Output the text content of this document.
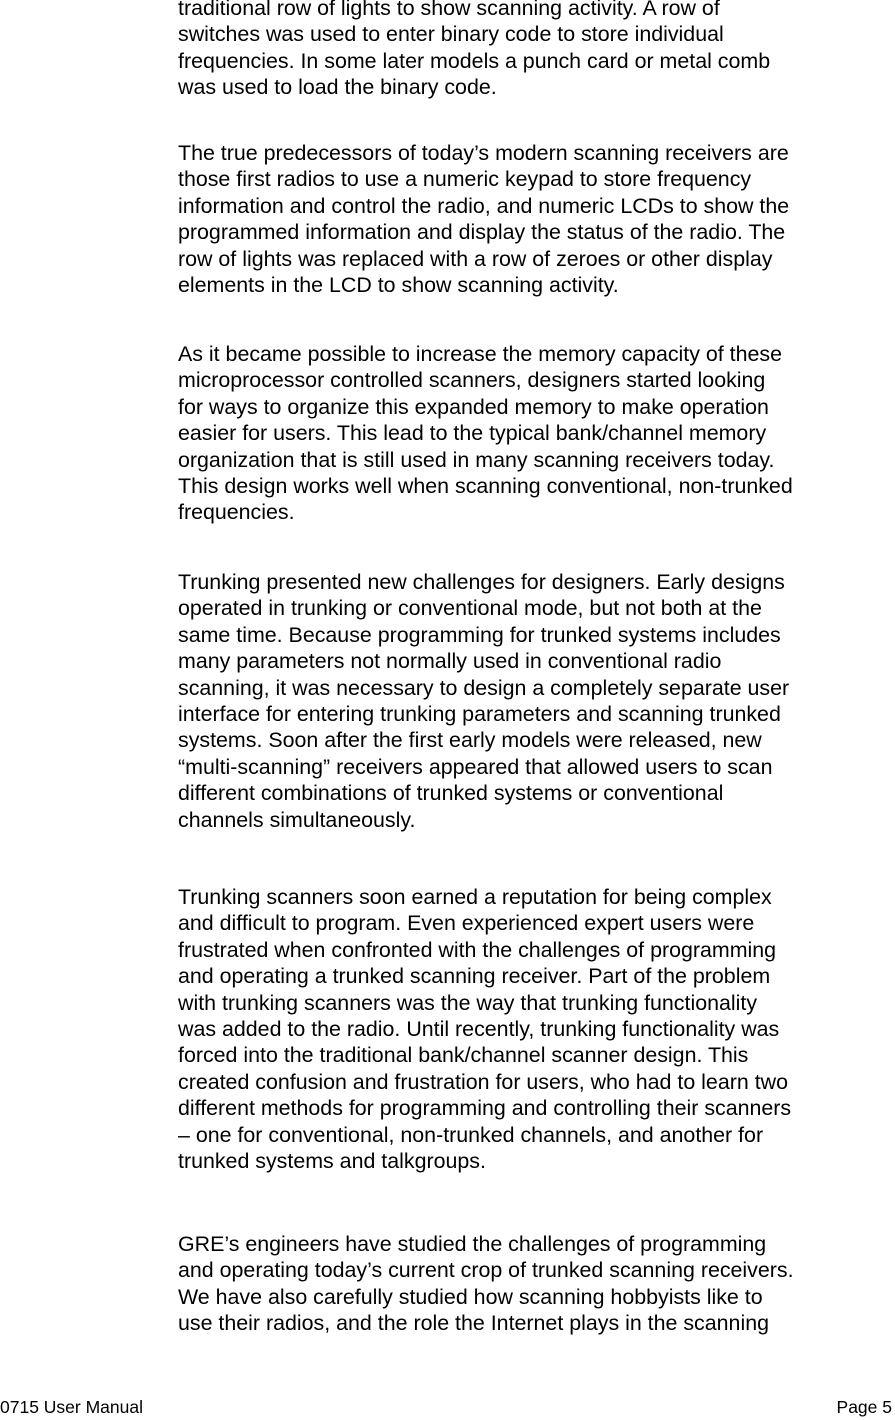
traditional row of lights to show scanning activity. A row of
switches was used to enter binary code to store individual
frequencies. In some later models a punch card or metal comb
was used to load the binary code.

The true predecessors of today’s modern scanning receivers are
those first radios to use a numeric keypad to store frequency
information and control the radio, and numeric LCDs to show the
programmed information and display the status of the radio. The
row of lights was replaced with a row of zeroes or other display
elements in the LCD to show scanning activity.

As it became possible to increase the memory capacity of these
microprocessor controlled scanners, designers started looking
for ways to organize this expanded memory to make operation
easier for users. This lead to the typical bank/channel memory
organization that is still used in many scanning receivers today.
This design works well when scanning conventional, non-trunked
frequencies.

Trunking presented new challenges for designers. Early designs
operated in trunking or conventional mode, but not both at the
same time. Because programming for trunked systems includes
many parameters not normally used in conventional radio
scanning, it was necessary to design a completely separate user
interface for entering trunking parameters and scanning trunked
systems. Soon after the first early models were released, new
“multi-scanning” receivers appeared that allowed users to scan
different combinations of trunked systems or conventional
channels simultaneously.

Trunking scanners soon earned a reputation for being complex
and difficult to program. Even experienced expert users were
frustrated when confronted with the challenges of programming
and operating a trunked scanning receiver. Part of the problem
with trunking scanners was the way that trunking functionality
was added to the radio. Until recently, trunking functionality was
forced into the traditional bank/channel scanner design. This
created confusion and frustration for users, who had to learn two
different methods for programming and controlling their scanners
– one for conventional, non-trunked channels, and another for
trunked systems and talkgroups.

GRE’s engineers have studied the challenges of programming
and operating today’s current crop of trunked scanning receivers.
We have also carefully studied how scanning hobbyists like to
use their radios, and the role the Internet plays in the scanning

0715 User Manual	Page 5
